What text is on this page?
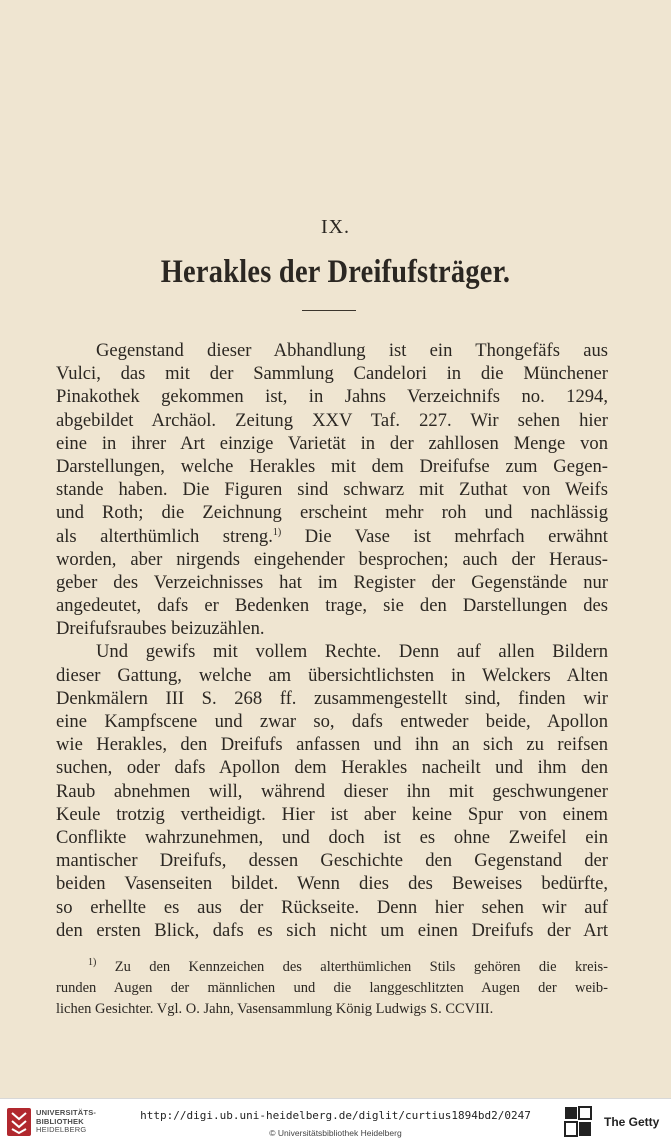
IX.
Herakles der Dreifufsträger.
Gegenstand dieser Abhandlung ist ein Thongefäfs aus
Vulci, das mit der Sammlung Candelori in die Münchener
Pinakothek gekommen ist, in Jahns Verzeichnifs no. 1294,
abgebildet Archäol. Zeitung XXV Taf. 227. Wir sehen hier
eine in ihrer Art einzige Varietät in der zahllosen Menge von
Darstellungen, welche Herakles mit dem Dreifufse zum Gegen-
stande haben. Die Figuren sind schwarz mit Zuthat von Weifs
und Roth; die Zeichnung erscheint mehr roh und nachlässig
als alterthümlich streng.$^{1)}$ Die Vase ist mehrfach erwähnt
worden, aber nirgends eingehender besprochen; auch der Heraus-
geber des Verzeichnisses hat im Register der Gegenstände nur
angedeutet, dafs er Bedenken trage, sie den Darstellungen des
Dreifufsraubes beizuzählen.
Und gewifs mit vollem Rechte. Denn auf allen Bildern
dieser Gattung, welche am übersichtlichsten in Welckers Alten
Denkmälern III S. 268 ff. zusammengestellt sind, finden wir
eine Kampfscene und zwar so, dafs entweder beide, Apollon
wie Herakles, den Dreifufs anfassen und ihn an sich zu reifsen
suchen, oder dafs Apollon dem Herakles nacheilt und ihm den
Raub abnehmen will, während dieser ihn mit geschwungener
Keule trotzig vertheidigt. Hier ist aber keine Spur von einem
Conflikte wahrzunehmen, und doch ist es ohne Zweifel ein
mantischer Dreifufs, dessen Geschichte den Gegenstand der
beiden Vasenseiten bildet. Wenn dies des Beweises bedürfte,
so erhellte es aus der Rückseite. Denn hier sehen wir auf
den ersten Blick, dafs es sich nicht um einen Dreifufs der Art
$^{1)}$ Zu den Kennzeichen des alterthümlichen Stils gehören die kreis-
runden Augen der männlichen und die langgeschlitzten Augen der weib-
lichen Gesichter. Vgl. O. Jahn, Vasensammlung König Ludwigs S. CCVIII.
UNIVERSITÄTS-
BIBLIOTHEK
HEIDELBERG
http://digi.ub.uni-heidelberg.de/diglit/curtius1894bd2/0247
© Universitätsbibliothek Heidelberg
The Getty
